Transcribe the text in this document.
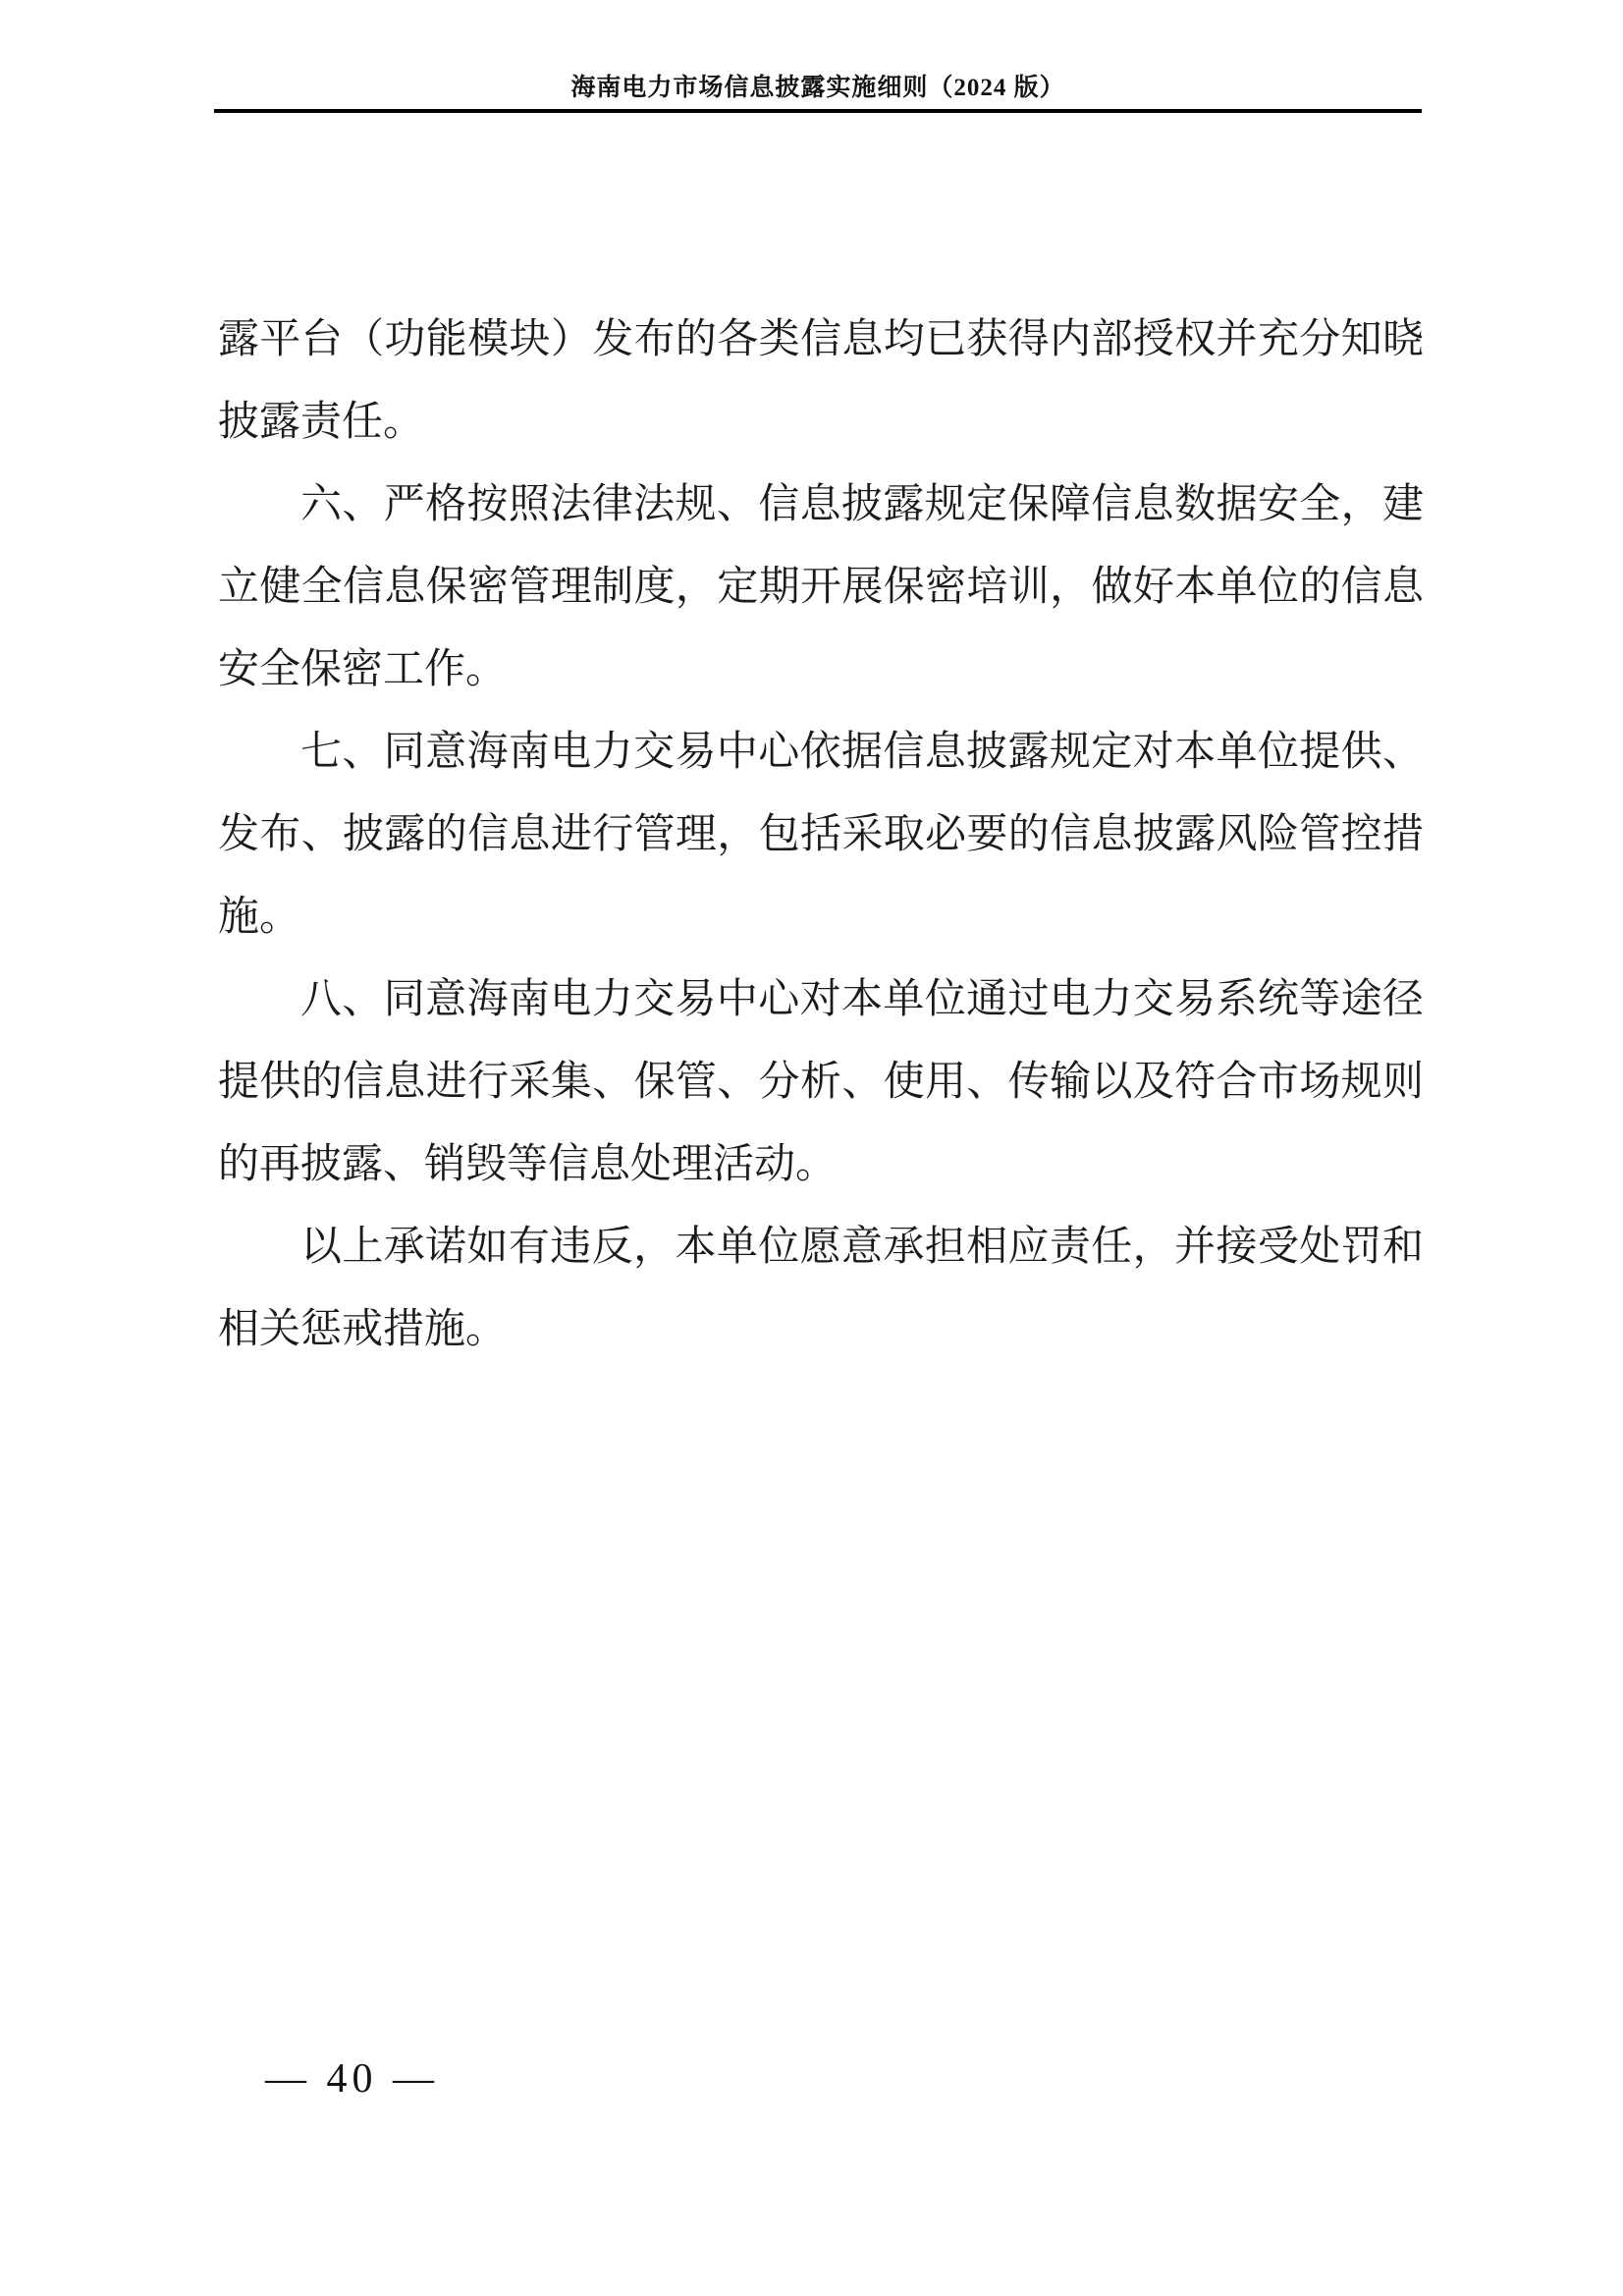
海南电力市场信息披露实施细则（2024 版）
露平台（功能模块）发布的各类信息均已获得内部授权并充分知晓
披露责任。
六、严格按照法律法规、信息披露规定保障信息数据安全，建
立健全信息保密管理制度，定期开展保密培训，做好本单位的信息
安全保密工作。
七、同意海南电力交易中心依据信息披露规定对本单位提供、
发布、披露的信息进行管理，包括采取必要的信息披露风险管控措
施。
八、同意海南电力交易中心对本单位通过电力交易系统等途径
提供的信息进行采集、保管、分析、使用、传输以及符合市场规则
的再披露、销毁等信息处理活动。
以上承诺如有违反，本单位愿意承担相应责任，并接受处罚和
相关惩戒措施。
— 40 —
